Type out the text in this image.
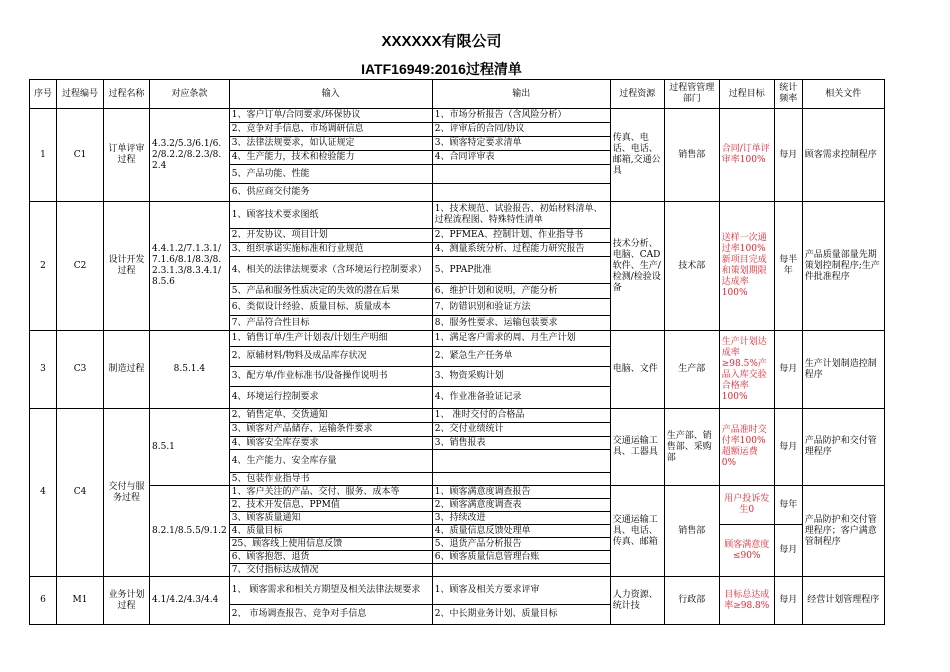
XXXXXX有限公司
IATF16949:2016过程清单
序号	过程编号	过程名称	对应条款	输入	输出	过程资源	过程管管理部门	过程目标	统计频率	相关文件
1	C1	订单评审过程	4.3.2/5.3/6.1/6.2/8.2.2/8.2.3/8.2.4	1、客户订单/合同要求/环保协议	1、市场分析报告（含风险分析）	传真、电话、电话、邮箱,交通公具	销售部	合同/订单评审率100%	每月	顾客需求控制程序
				2、竞争对手信息、市场调研信息	2、评审后的合同/协议					
				3、法律法规要求，如认证规定	3、顾客特定要求清单					
				4、生产能力，技术和检验能力	4、合同评审表					
				5、产品功能、性能						
				6、供应商交付能务						
2	C2	设计开发过程	4.4.1.2/7.1.3.1/7.1.6/8.1/8.3/8.2.3.1.3/8.3.4.1/8.5.6	1、顾客技术要求图纸	1、技术规范、试验报告、初始材料清单、过程流程图、特殊特性清单	技术分析、电脑、CAD软件、生产/检测/检验设备	技术部	送样一次通过率100%新项目完成和策划期限达成率100%	每半年	产品质量部量先期策划控制程序;生产件批准程序
				2、开发协议、项目计划	2、PFMEA、控制计划、作业指导书					
				3、组织承诺实施标准和行业规范	4、测量系统分析、过程能力研究报告					
				4、相关的法律法规要求（含环境运行控制要求）	5、PPAP批准					
				5、产品和服务性质决定的失效的潜在后果	6、维护计划和说明，产能分析					
				6、类似设计经验、质量目标、质量成本	7、防错识别和验证方法					
				7、产品符合性目标	8、服务性要求、运输包装要求					
3	C3	制造过程	8.5.1.4	1、销售订单/生产计划表/计划生产明细	1、满足客户需求的周、月生产计划	电脑、文件	生产部	生产计划达成率≥98.5%产品入库交验合格率100%	每月	生产计划制造控制程序
				2、原辅材料/物料及成品库存状况	2、紧急生产任务单					
				3、配方单/作业标准书/设备操作说明书	3、物资采购计划					
				4、环境运行控制要求	4、作业准备验证记录					
4	C4	交付与服务过程	8.5.1	2、销售定单、交货通知	1、 准时交付的合格品	交通运输工具、工器具	生产部、销售部、采购部	产品准时交付率100%超额运费0%	每月	产品防护和交付管理程序
				3、顾客对产品储存、运输条件要求	2、交付业绩统计					
				4、顾客安全库存要求	3、销售报表					
				4、生产能力、安全库存量						
				5、包装作业指导书						
			8.2.1/8.5.5/9.1.2	1、客户关注的产品、交付、服务、成本等	1、顾客满意度调查报告	交通运输工具、电话、传真、邮箱	销售部	用户投诉发生0	每年	产品防护和交付管理程序；客户满意管制程序
				2、技术开发信息、PPM值	2、顾客满意度调查表					
				3、顾客质量通知	3、持续改进					
				4、质量目标	4、质量信息反馈处理单			顾客满意度≤90%	每月	
				25、顾客线上使用信息反馈	5、退货产品分析报告					
				6、顾客抱怨、退货	6、顾客质量信息管理台账					
				7、交付指标达成情况						
6	M1	业务计划过程	4.1/4.2/4.3/4.4	1、 顾客需求和相关方期望及相关法律法规要求	1、顾客及相关方要求评审	人力资源、统计技	行政部	目标总达成率≥98.8%	每月	经营计划管理程序
				2、 市场调查报告、竞争对手信息	2、中长期业务计划、质量目标					
